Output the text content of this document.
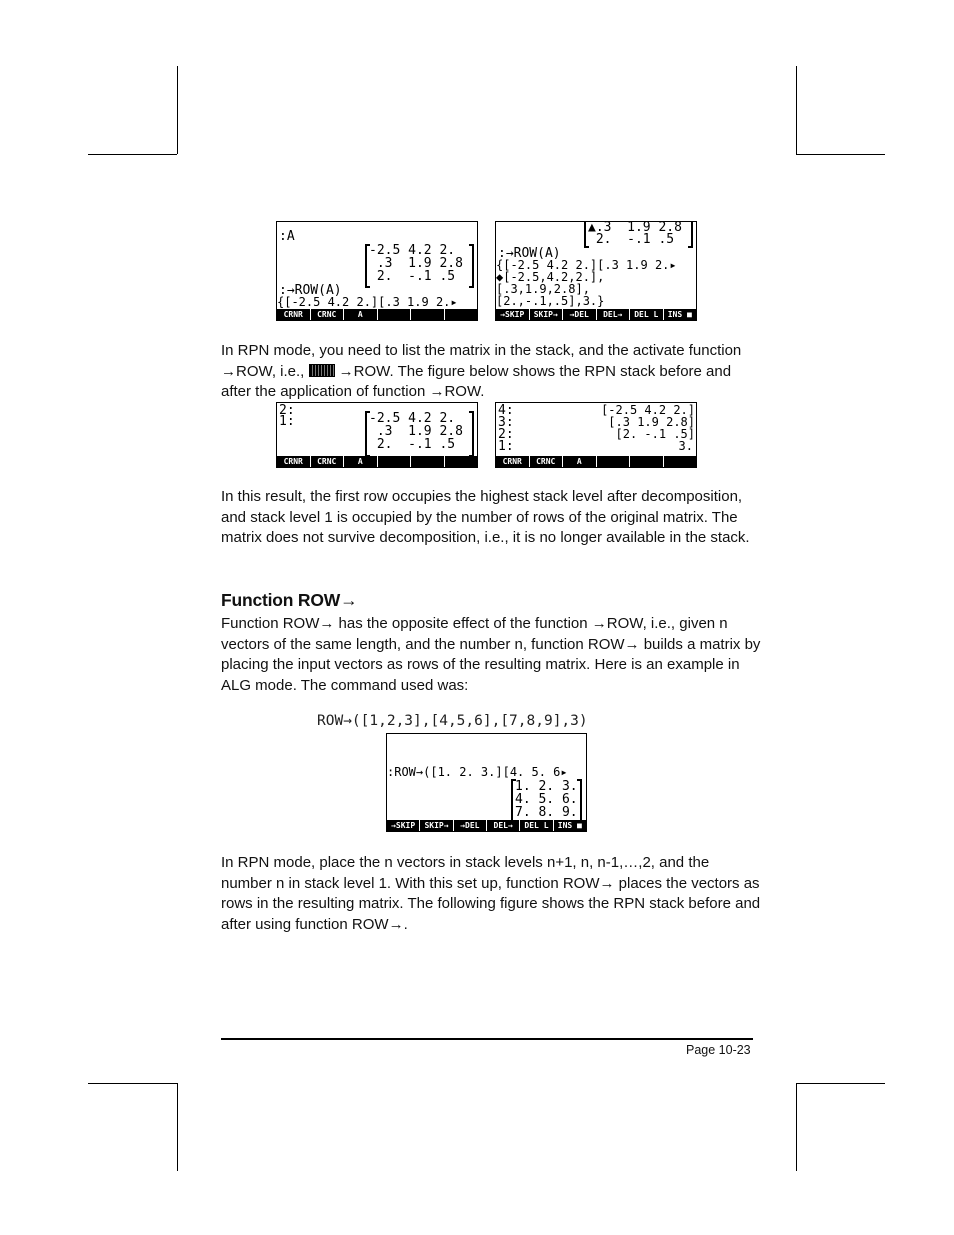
:A
-2.5 4.2 2.
.3  1.9 2.8
2.  -.1 .5
:→ROW(A)
{[-2.5 4.2 2.][.3 1.9 2.▸
CRNR	CRNC	A
▲.3  1.9 2.8
2.  -.1 .5
:→ROW(A)
{[-2.5 4.2 2.][.3 1.9 2.▸
◆[-2.5,4.2,2.],
[.3,1.9,2.8],
[2.,-.1,.5],3.}
→SKIP	SKIP→	→DEL	DEL→	DEL L	INS ■

In RPN mode, you need to list the matrix in the stack, and the activate function →ROW, i.e.,  →ROW. The figure below shows the RPN stack before and after the application of function →ROW.

2:
1:	-2.5 4.2 2.
.3  1.9 2.8
2.  -.1 .5
CRNR	CRNC	A
4:	[-2.5 4.2 2.]
3:	[.3 1.9 2.8]
2:	[2. -.1 .5]
1:	3.
CRNR	CRNC	A

In this result, the first row occupies the highest stack level after decomposition, and stack level 1 is occupied by the number of rows of the original matrix. The matrix does not survive decomposition, i.e., it is no longer available in the stack.

Function ROW→

Function ROW→ has the opposite effect of the function →ROW, i.e., given n vectors of the same length, and the number n, function ROW→ builds a matrix by placing the input vectors as rows of the resulting matrix. Here is an example in ALG mode. The command used was:

ROW→([1,2,3],[4,5,6],[7,8,9],3)

:ROW→([1. 2. 3.][4. 5. 6▸
1. 2. 3.
4. 5. 6.
7. 8. 9.
→SKIP	SKIP→	→DEL	DEL→	DEL L	INS ■

In RPN mode, place the n vectors in stack levels n+1, n, n-1,…,2, and the number n in stack level 1. With this set up, function ROW→ places the vectors as rows in the resulting matrix. The following figure shows the RPN stack before and after using function ROW→.

Page 10-23
